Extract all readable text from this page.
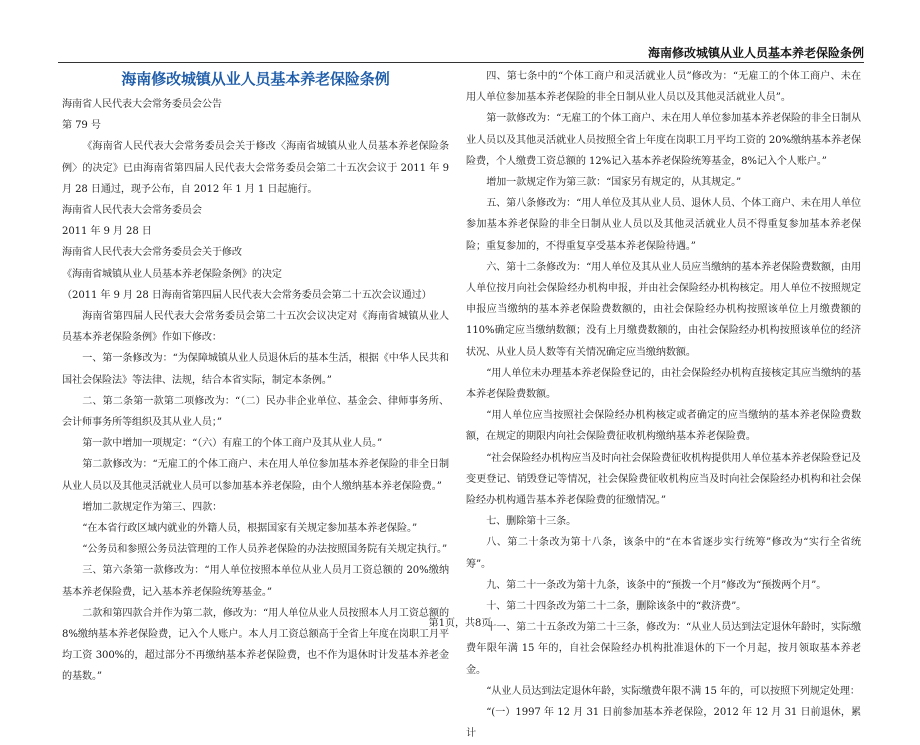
海南修改城镇从业人员基本养老保险条例
海南修改城镇从业人员基本养老保险条例

海南省人民代表大会常务委员会公告

第 79 号

《海南省人民代表大会常务委员会关于修改〈海南省城镇从业人员基本养老保险条例〉的决定》已由海南省第四届人民代表大会常务委员会第二十五次会议于 2011 年 9 月 28 日通过，现予公布，自 2012 年 1 月 1 日起施行。

海南省人民代表大会常务委员会

2011 年 9 月 28 日

海南省人民代表大会常务委员会关于修改

《海南省城镇从业人员基本养老保险条例》的决定

（2011 年 9 月 28 日海南省第四届人民代表大会常务委员会第二十五次会议通过）

海南省第四届人民代表大会常务委员会第二十五次会议决定对《海南省城镇从业人员基本养老保险条例》作如下修改：

一、第一条修改为：“为保障城镇从业人员退休后的基本生活，根据《中华人民共和国社会保险法》等法律、法规，结合本省实际，制定本条例。”

二、第二条第一款第二项修改为：“（二）民办非企业单位、基金会、律师事务所、会计师事务所等组织及其从业人员；”

第一款中增加一项规定：“（六）有雇工的个体工商户及其从业人员。”

第二款修改为：“无雇工的个体工商户、未在用人单位参加基本养老保险的非全日制从业人员以及其他灵活就业人员可以参加基本养老保险，由个人缴纳基本养老保险费。”

增加二款规定作为第三、四款：

“在本省行政区域内就业的外籍人员，根据国家有关规定参加基本养老保险。”

“公务员和参照公务员法管理的工作人员养老保险的办法按照国务院有关规定执行。”

三、第六条第一款修改为：“用人单位按照本单位从业人员月工资总额的 20%缴纳基本养老保险费，记入基本养老保险统筹基金。”

二款和第四款合并作为第二款，修改为：“用人单位从业人员按照本人月工资总额的 8%缴纳基本养老保险费，记入个人账户。本人月工资总额高于全省上年度在岗职工月平均工资 300%的，超过部分不再缴纳基本养老保险费，也不作为退休时计发基本养老金的基数。”

四、第七条中的“个体工商户和灵活就业人员”修改为：“无雇工的个体工商户、未在用人单位参加基本养老保险的非全日制从业人员以及其他灵活就业人员”。

第一款修改为：“无雇工的个体工商户、未在用人单位参加基本养老保险的非全日制从业人员以及其他灵活就业人员按照全省上年度在岗职工月平均工资的 20%缴纳基本养老保险费，个人缴费工资总额的 12%记入基本养老保险统筹基金，8%记入个人账户。”

增加一款规定作为第三款：“国家另有规定的，从其规定。”

五、第八条修改为：“用人单位及其从业人员、退休人员、个体工商户、未在用人单位参加基本养老保险的非全日制从业人员以及其他灵活就业人员不得重复参加基本养老保险；重复参加的，不得重复享受基本养老保险待遇。”

六、第十二条修改为：“用人单位及其从业人员应当缴纳的基本养老保险费数额，由用人单位按月向社会保险经办机构申报，并由社会保险经办机构核定。用人单位不按照规定申报应当缴纳的基本养老保险费数额的，由社会保险经办机构按照该单位上月缴费额的 110%确定应当缴纳数额；没有上月缴费数额的，由社会保险经办机构按照该单位的经济状况、从业人员人数等有关情况确定应当缴纳数额。

“用人单位未办理基本养老保险登记的，由社会保险经办机构直接核定其应当缴纳的基本养老保险费数额。

“用人单位应当按照社会保险经办机构核定或者确定的应当缴纳的基本养老保险费数额，在规定的期限内向社会保险费征收机构缴纳基本养老保险费。

“社会保险经办机构应当及时向社会保险费征收机构提供用人单位基本养老保险登记及变更登记、销毁登记等情况，社会保险费征收机构应当及时向社会保险经办机构和社会保险经办机构通告基本养老保险费的征缴情况。”

七、删除第十三条。

八、第二十条改为第十八条，该条中的“在本省逐步实行统筹”修改为“实行全省统筹”。

九、第二十一条改为第十九条，该条中的“预拨一个月”修改为“预拨两个月”。

十、第二十四条改为第二十二条，删除该条中的“救济费”。

十一、第二十五条改为第二十三条，修改为：“从业人员达到法定退休年龄时，实际缴费年限年满 15 年的，自社会保险经办机构批准退休的下一个月起，按月领取基本养老金。

“从业人员达到法定退休年龄，实际缴费年限不满 15 年的，可以按照下列规定处理：

“(一）1997 年 12 月 31 日前参加基本养老保险，2012 年 12 月 31 日前退休，累计

第1页，共8页
